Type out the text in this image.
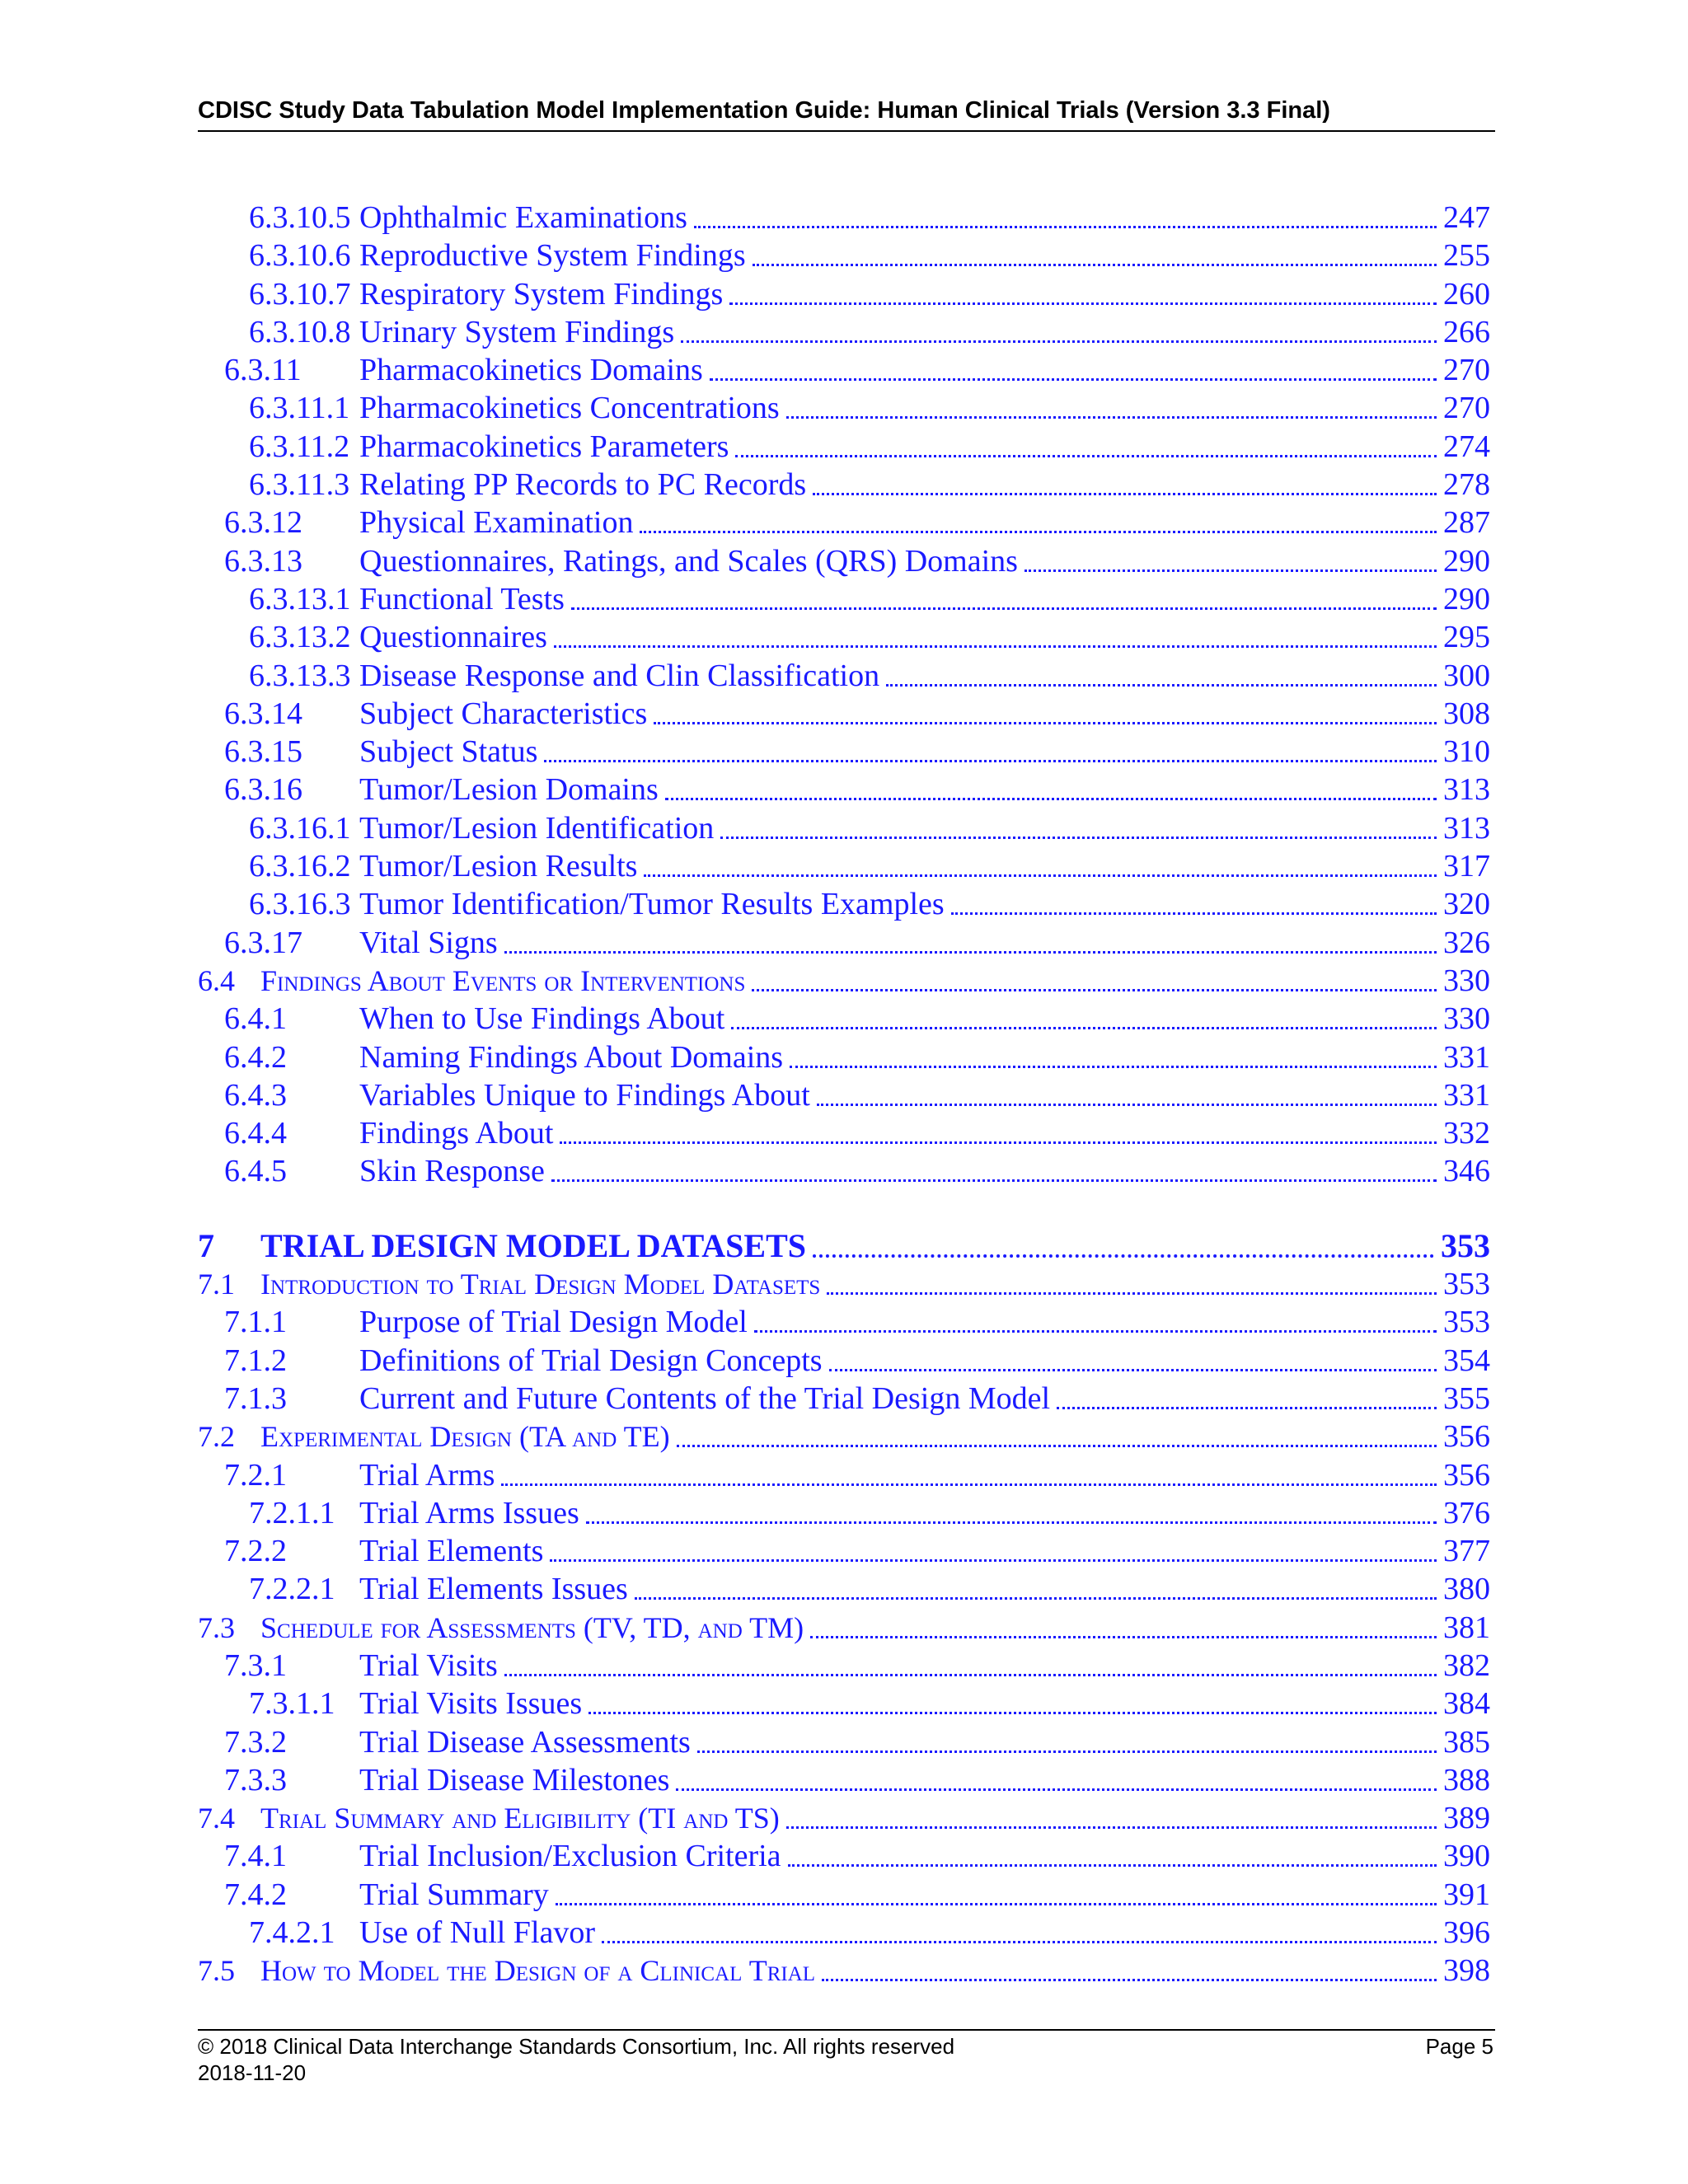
CDISC Study Data Tabulation Model Implementation Guide: Human Clinical Trials (Version 3.3 Final)
6.3.10.5 Ophthalmic Examinations	247
6.3.10.6 Reproductive System Findings	255
6.3.10.7 Respiratory System Findings	260
6.3.10.8 Urinary System Findings	266
6.3.11 Pharmacokinetics Domains	270
6.3.11.1 Pharmacokinetics Concentrations	270
6.3.11.2 Pharmacokinetics Parameters	274
6.3.11.3 Relating PP Records to PC Records	278
6.3.12 Physical Examination	287
6.3.13 Questionnaires, Ratings, and Scales (QRS) Domains	290
6.3.13.1 Functional Tests	290
6.3.13.2 Questionnaires	295
6.3.13.3 Disease Response and Clin Classification	300
6.3.14 Subject Characteristics	308
6.3.15 Subject Status	310
6.3.16 Tumor/Lesion Domains	313
6.3.16.1 Tumor/Lesion Identification	313
6.3.16.2 Tumor/Lesion Results	317
6.3.16.3 Tumor Identification/Tumor Results Examples	320
6.3.17 Vital Signs	326
6.4 Findings About Events or Interventions	330
6.4.1 When to Use Findings About	330
6.4.2 Naming Findings About Domains	331
6.4.3 Variables Unique to Findings About	331
6.4.4 Findings About	332
6.4.5 Skin Response	346
7 TRIAL DESIGN MODEL DATASETS	353
7.1 Introduction to Trial Design Model Datasets	353
7.1.1 Purpose of Trial Design Model	353
7.1.2 Definitions of Trial Design Concepts	354
7.1.3 Current and Future Contents of the Trial Design Model	355
7.2 Experimental Design (TA and TE)	356
7.2.1 Trial Arms	356
7.2.1.1 Trial Arms Issues	376
7.2.2 Trial Elements	377
7.2.2.1 Trial Elements Issues	380
7.3 Schedule for Assessments (TV, TD, and TM)	381
7.3.1 Trial Visits	382
7.3.1.1 Trial Visits Issues	384
7.3.2 Trial Disease Assessments	385
7.3.3 Trial Disease Milestones	388
7.4 Trial Summary and Eligibility (TI and TS)	389
7.4.1 Trial Inclusion/Exclusion Criteria	390
7.4.2 Trial Summary	391
7.4.2.1 Use of Null Flavor	396
7.5 How to Model the Design of a Clinical Trial	398
© 2018 Clinical Data Interchange Standards Consortium, Inc. All rights reserved
2018-11-20
Page 5
